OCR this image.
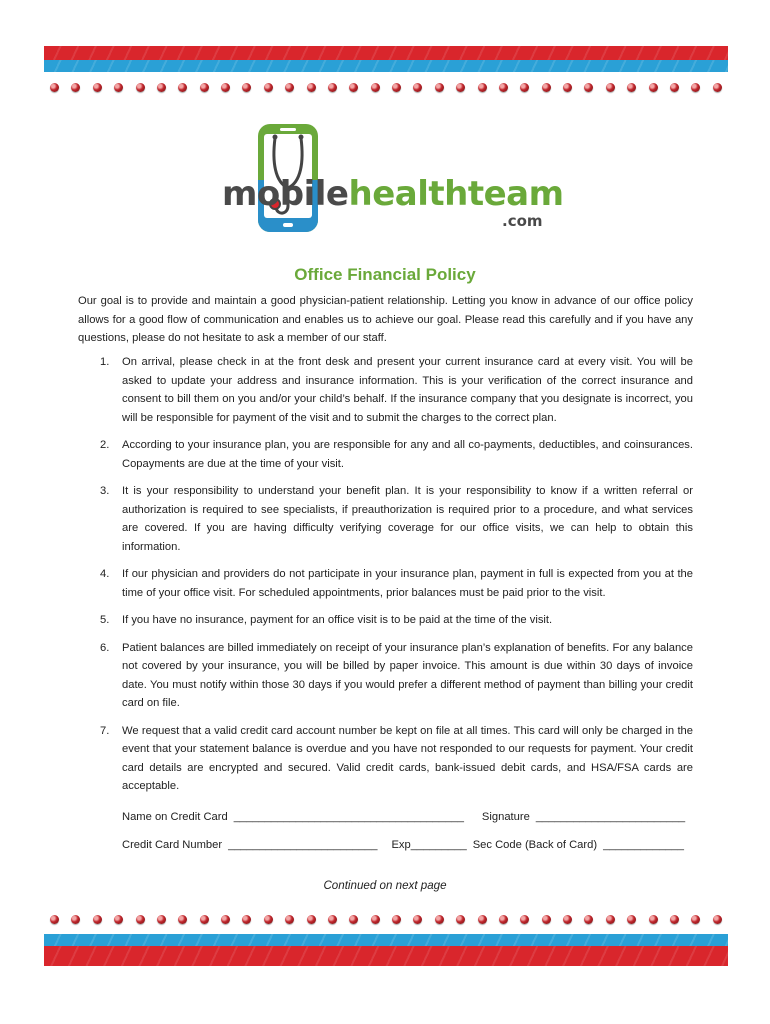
mobilehealthteam
.com
Office Financial Policy
Our goal is to provide and maintain a good physician-patient relationship. Letting you know in advance of our office policy allows for a good flow of communication and enables us to achieve our goal. Please read this carefully and if you have any questions, please do not hesitate to ask a member of our staff.
1. On arrival, please check in at the front desk and present your current insurance card at every visit. You will be asked to update your address and insurance information. This is your verification of the correct insurance and consent to bill them on you and/or your child’s behalf. If the insurance company that you designate is incorrect, you will be responsible for payment of the visit and to submit the charges to the correct plan.
2. According to your insurance plan, you are responsible for any and all co-payments, deductibles, and coinsurances. Copayments are due at the time of your visit.
3. It is your responsibility to understand your benefit plan. It is your responsibility to know if a written referral or authorization is required to see specialists, if preauthorization is required prior to a procedure, and what services are covered. If you are having difficulty verifying coverage for our office visits, we can help to obtain this information.
4. If our physician and providers do not participate in your insurance plan, payment in full is expected from you at the time of your office visit. For scheduled appointments, prior balances must be paid prior to the visit.
5. If you have no insurance, payment for an office visit is to be paid at the time of the visit.
6. Patient balances are billed immediately on receipt of your insurance plan’s explanation of benefits. For any balance not covered by your insurance, you will be billed by paper invoice. This amount is due within 30 days of invoice date. You must notify within those 30 days if you would prefer a different method of payment than billing your credit card on file.
7. We request that a valid credit card account number be kept on file at all times. This card will only be charged in the event that your statement balance is overdue and you have not responded to our requests for payment. Your credit card details are encrypted and secured. Valid credit cards, bank-issued debit cards, and HSA/FSA cards are acceptable.
Name on Credit Card _____________________________________ Signature ________________________
Credit Card Number ________________________ Exp _________ Sec Code (Back of Card) _____________
Continued on next page
